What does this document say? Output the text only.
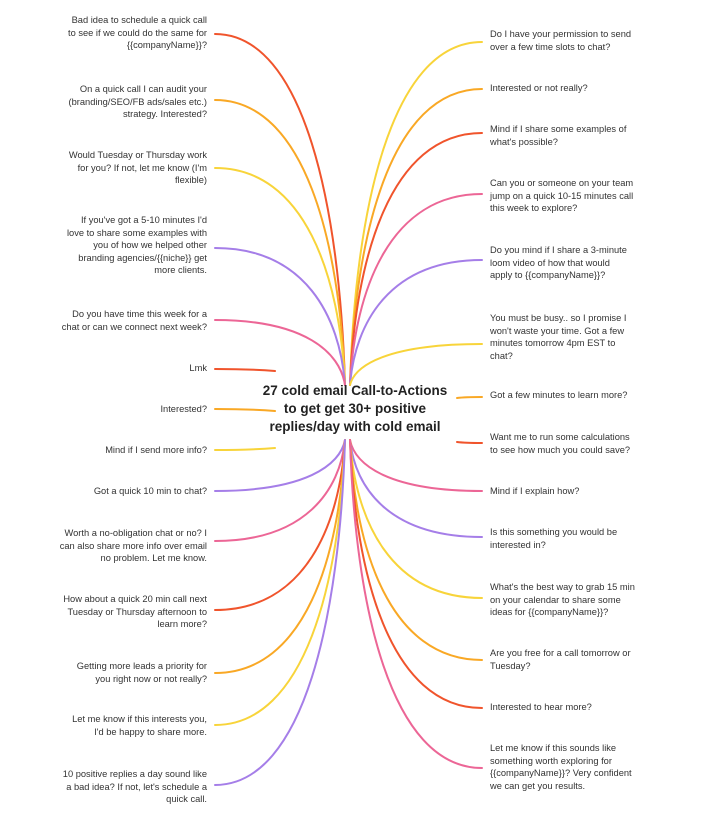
27 cold email Call-to-Actions
to get get 30+ positive
replies/day with cold email
Bad idea to schedule a quick call
to see if we could do the same for
{{companyName}}?
On a quick call I can audit your
(branding/SEO/FB ads/sales etc.)
strategy. Interested?
Would Tuesday or Thursday work
for you? If not, let me know (I'm
flexible)
If you've got a 5-10 minutes I'd
love to share some examples with
you of how we helped other
branding agencies/{{niche}} get
more clients.
Do you have time this week for a
chat or can we connect next week?
Lmk
Interested?
Mind if I send more info?
Got a quick 10 min to chat?
Worth a no-obligation chat or no? I
can also share more info over email
no problem. Let me know.
How about a quick 20 min call next
Tuesday or Thursday afternoon to
learn more?
Getting more leads a priority for
you right now or not really?
Let me know if this interests you,
I'd be happy to share more.
10 positive replies a day sound like
a bad idea? If not, let's schedule a
quick call.
Do I have your permission to send
over a few time slots to chat?
Interested or not really?
Mind if I share some examples of
what's possible?
Can you or someone on your team
jump on a quick 10-15 minutes call
this week to explore?
Do you mind if I share a 3-minute
loom video of how that would
apply to {{companyName}}?
You must be busy.. so I promise I
won't waste your time. Got a few
minutes tomorrow 4pm EST to
chat?
Got a few minutes to learn more?
Want me to run some calculations
to see how much you could save?
Mind if I explain how?
Is this something you would be
interested in?
What's the best way to grab 15 min
on your calendar to share some
ideas for {{companyName}}?
Are you free for a call tomorrow or
Tuesday?
Interested to hear more?
Let me know if this sounds like
something worth exploring for
{{companyName}}? Very confident
we can get you results.
